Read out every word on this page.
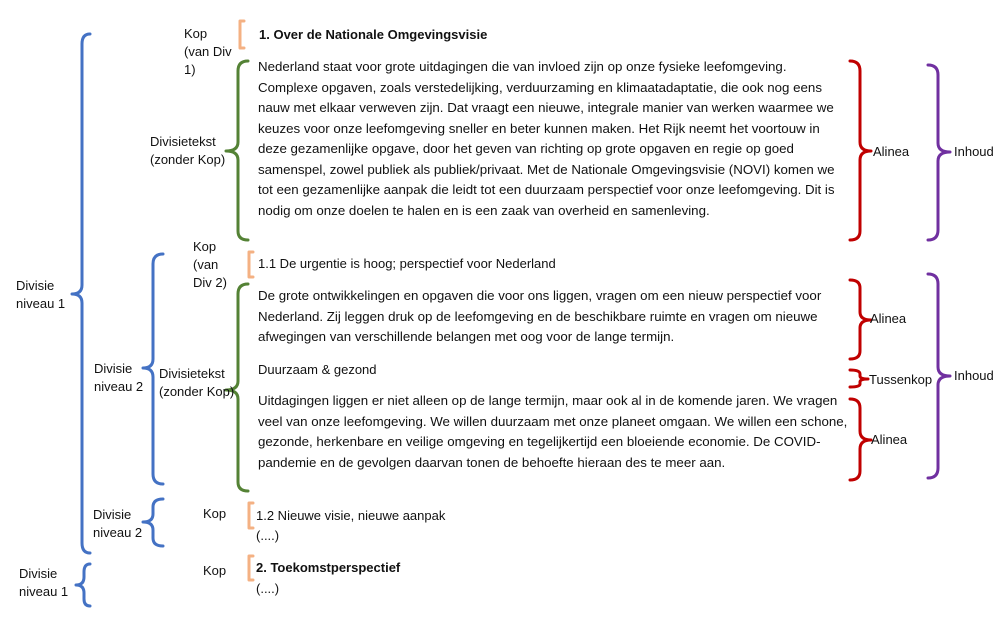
1. Over de Nationale Omgevingsvisie
Nederland staat voor grote uitdagingen die van invloed zijn op onze fysieke leefomgeving. Complexe opgaven, zoals verstedelijking, verduurzaming en klimaatadaptatie, die ook nog eens nauw met elkaar verweven zijn. Dat vraagt een nieuwe, integrale manier van werken waarmee we keuzes voor onze leefomgeving sneller en beter kunnen maken. Het Rijk neemt het voortouw in deze gezamenlijke opgave, door het geven van richting op grote opgaven en regie op goed samenspel, zowel publiek als publiek/privaat. Met de Nationale Omgevingsvisie (NOVI) komen we tot een gezamenlijke aanpak die leidt tot een duurzaam perspectief voor onze leefomgeving. Dit is nodig om onze doelen te halen en is een zaak van overheid en samenleving.
1.1 De urgentie is hoog; perspectief voor Nederland
De grote ontwikkelingen en opgaven die voor ons liggen, vragen om een nieuw perspectief voor Nederland. Zij leggen druk op de leefomgeving en de beschikbare ruimte en vragen om nieuwe afwegingen van verschillende belangen met oog voor de lange termijn.
Duurzaam & gezond
Uitdagingen liggen er niet alleen op de lange termijn, maar ook al in de komende jaren. We vragen veel van onze leefomgeving. We willen duurzaam met onze planeet omgaan. We willen een schone, gezonde, herkenbare en veilige omgeving en tegelijkertijd een bloeiende economie. De COVID-pandemie en de gevolgen daarvan tonen de behoefte hieraan des te meer aan.
1.2 Nieuwe visie, nieuwe aanpak
(....)
2. Toekomstperspectief
(....)
Kop (van Div 1)
Divisietekst (zonder Kop)
Kop (van Div 2)
Divisietekst (zonder Kop)
Divisie niveau 1
Divisie niveau 2
Divisie niveau 2
Kop
Divisie niveau 1
Kop
Alinea	Inhoud
Alinea
Tussenkop
Alinea
Inhoud
